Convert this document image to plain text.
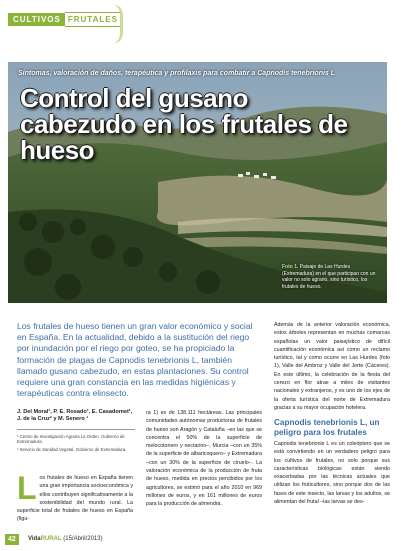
CULTIVOS FRUTALES
Síntomas, valoración de daños, terapéutica y profilaxis para combatir a Capnodis tenebrionis L
Control del gusano cabezudo en los frutales de hueso
Foto 1. Paisaje de Las Hurdes (Extremadura) en el que participan con un valor no solo agrario, sino turístico, los frutales de hueso.
Los frutales de hueso tienen un gran valor económico y social en España. En la actualidad, debido a la sustitución del riego por inundación por el riego por goteo, se ha propiciado la formación de plagas de Capnodis tenebrionis L, también llamado gusano cabezudo, en estas plantaciones. Su control requiere una gran constancia en las medidas higiénicas y terapéuticas contra elinsecto.
J. Del Moral¹, P. E. Rosado¹, E. Casadomet¹,
J. de la Cruz² y M. Senero ¹
¹ Centro de Investigación Agraria La Orden. Gobierno de Extremadura.
² Servicio de Sanidad Vegetal. Gobierno de Extremadura.
L os frutales de hueso en España tienen una gran importancia socioeconómica y ellos contribuyen significativamente a la sostenibilidad del mundo rural. La superficie total de frutales de hueso en España (figu-
ra 1) es de 138.111 hectáreas. Las principales comunidades autónomas productoras de frutales de hueso son Aragón y Cataluña –en las que se concentra el 50% de la superficie de melocotonero y nectarino–, Murcia –con un 35% de la superficie de albaricoquero– y Extremadura –con un 30% de la superficie de ciruelo–. La valoración económica de la producción de fruta de hueso, medida en precios percibidos por los agricultores, se estimó para el año 2010 en 969 millones de euros, y en 161 millones de euros para la producción de almendra.
Además de la anterior valoración económica, estos árboles representan en muchas comarcas españolas un valor paisajístico de difícil cuantificación económica así como un reclamo turístico, tal y como ocurre en Las Hurdes (foto 1), Valle del Ambroz y Valle del Jerte (Cáceres). En este último, la celebración de la fiesta del cerezo en flor atrae a miles de visitantes nacionales y extranjeros, y es uno de los ejes de la oferta turística del norte de Extremadura gracias a su mayor ocupación hotelera.
Capnodis tenebrionis L, un peligro para los frutales
Capnodis tenebrionis L es un coleóptero que se está convirtiendo en un verdadero peligro para los cultivos de frutales, no solo porque sus características biológicas están siendo exacerbadas por las técnicas actuales que utilizan los fruticultores, sino porque dos de las fases de este insecto, las larvas y los adultos, se alimentan del frutal –las larvas se des-
42	VidaRURAL (15/Abril/2013)
